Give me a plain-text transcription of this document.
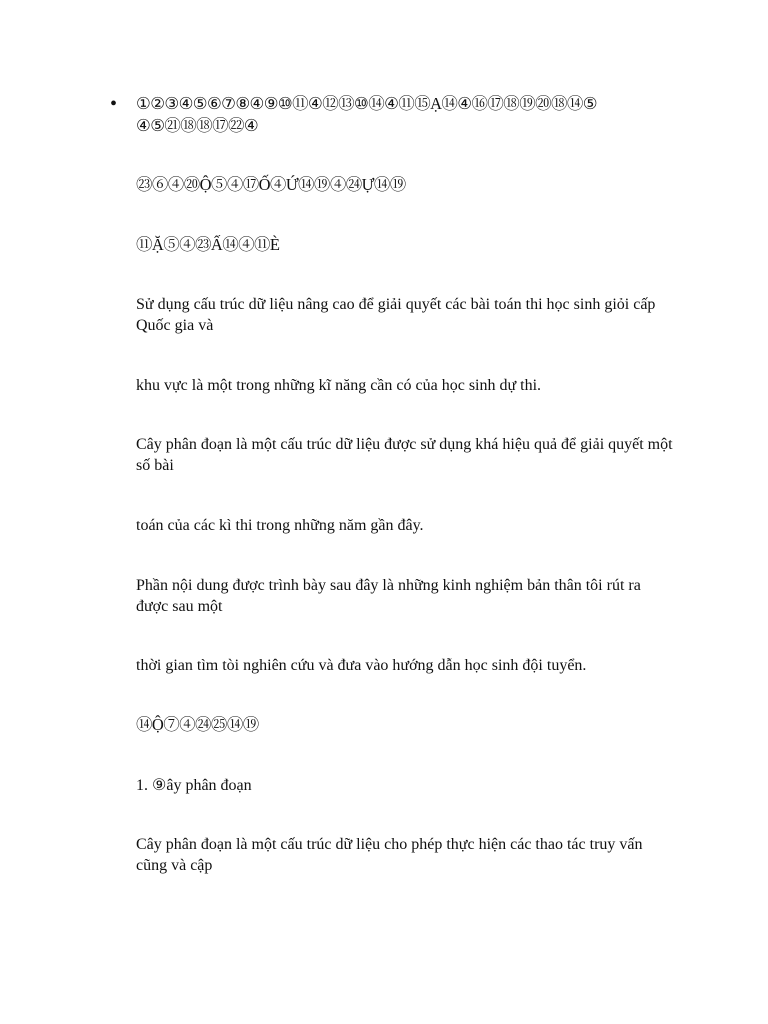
• ①②③④⑤⑥⑦⑧④⑨⑩⑪④⑫⑬⑩⑭④⑪⑮Ạ⑭④⑯⑰⑱⑲⑳⑱⑭⑤
④⑤㉑⑱⑱⑰㉒④
㉓⑥④⑳Ộ⑤④⑰Ố④Ứ⑭⑲④㉔Ự⑭⑲
⑪Ặ⑤④㉓Ấ⑭④⑪È
Sử dụng cấu trúc dữ liệu nâng cao để giải quyết các bài toán thi học sinh giỏi cấp Quốc gia và
khu vực là một trong những kĩ năng cần có của học sinh dự thi.
Cây phân đoạn là một cấu trúc dữ liệu được sử dụng khá hiệu quả để giải quyết một số bài
toán của các kì thi trong những năm gần đây.
Phần nội dung được trình bày sau đây là những kinh nghiệm bản thân tôi rút ra được sau một
thời gian tìm tòi nghiên cứu và đưa vào hướng dẫn học sinh đội tuyển.
⑭Ộ⑦④㉔㉕⑭⑲
1. ⑨ây phân đoạn
Cây phân đoạn là một cấu trúc dữ liệu cho phép thực hiện các thao tác truy vấn cũng và cập
